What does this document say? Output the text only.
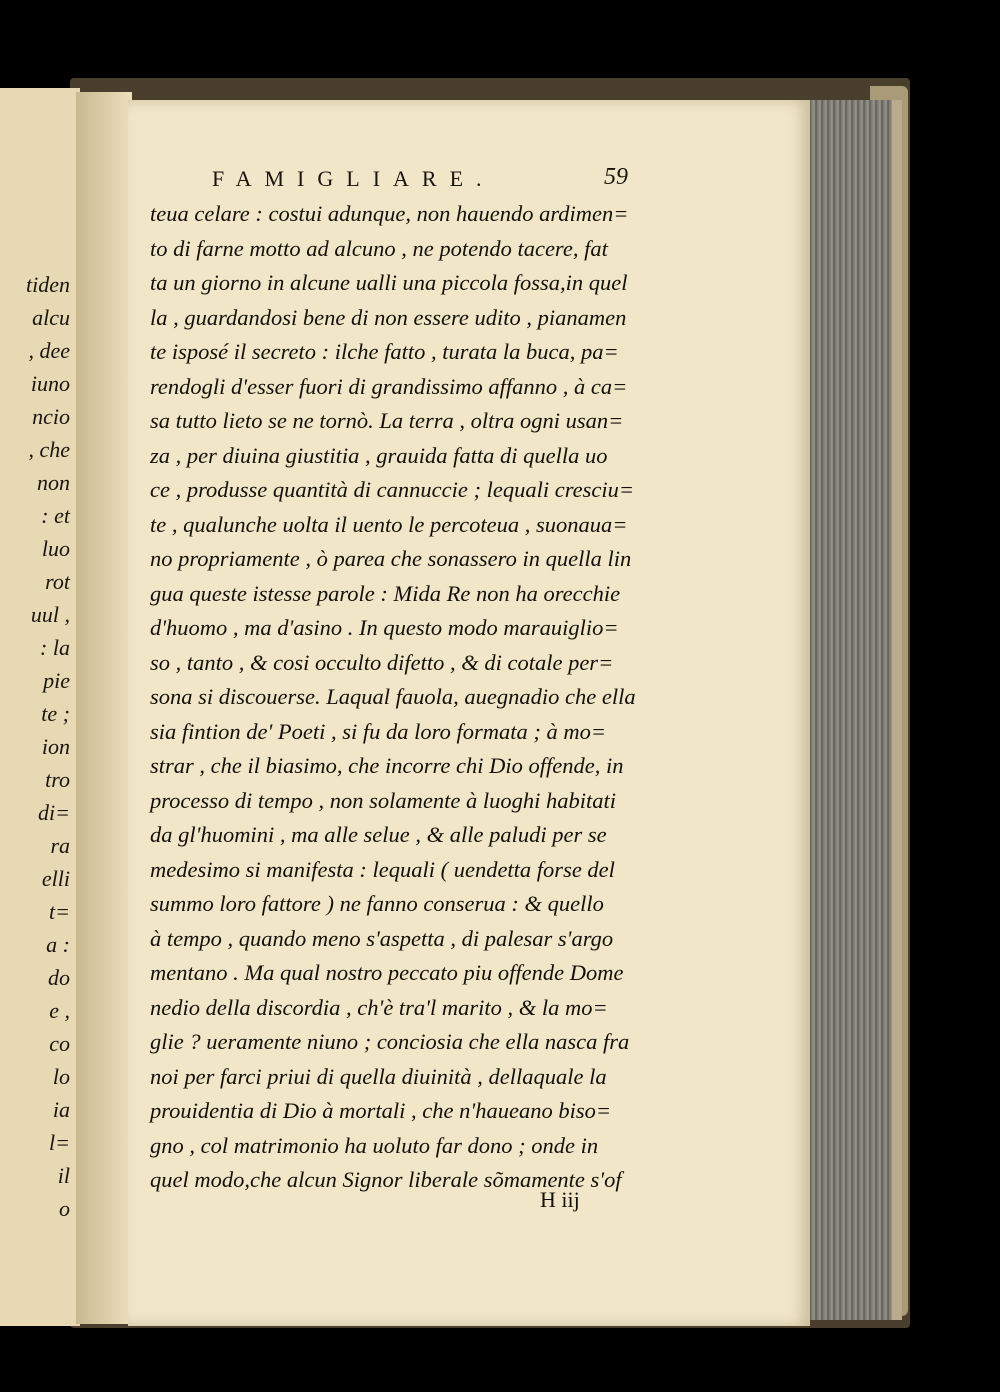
tiden
alcu
, dee
iuno
ncio
, che
non
: et
luo
rot
uul ,
: la
pie
te ;
ion
tro
di=
ra
elli
t=
a :
do
e ,
co
lo
ia
l=
il
o
FAMIGLIARE.	59
teua celare : costui adunque, non hauendo ardimen=
to di farne motto ad alcuno , ne potendo tacere, fat
ta un giorno in alcune ualli una piccola fossa,in quel
la , guardandosi bene di non essere udito , pianamen
te isposé il secreto : ilche fatto , turata la buca, pa=
rendogli d'esser fuori di grandissimo affanno , à ca=
sa tutto lieto se ne tornò. La terra , oltra ogni usan=
za , per diuina giustitia , grauida fatta di quella uo
ce , produsse quantità di cannuccie ; lequali cresciu=
te , qualunche uolta il uento le percoteua , suonaua=
no propriamente , ò parea che sonassero in quella lin
gua queste istesse parole : Mida Re non ha orecchie
d'huomo , ma d'asino . In questo modo marauiglio=
so , tanto , & cosi occulto difetto , & di cotale per=
sona si discouerse. Laqual fauola, auegnadio che ella
sia fintion de' Poeti , si fu da loro formata ; à mo=
strar , che il biasimo, che incorre chi Dio offende, in
processo di tempo , non solamente à luoghi habitati
da gl'huomini , ma alle selue , & alle paludi per se
medesimo si manifesta : lequali ( uendetta forse del
summo loro fattore ) ne fanno conserua : & quello
à tempo , quando meno s'aspetta , di palesar s'argo
mentano . Ma qual nostro peccato piu offende Dome
nedio della discordia , ch'è tra'l marito , & la mo=
glie ? ueramente niuno ; conciosia che ella nasca fra
noi per farci priui di quella diuinità , dellaquale la
prouidentia di Dio à mortali , che n'haueano biso=
gno , col matrimonio ha uoluto far dono ; onde in
quel modo,che alcun Signor liberale sõmamente s'of
H iij
